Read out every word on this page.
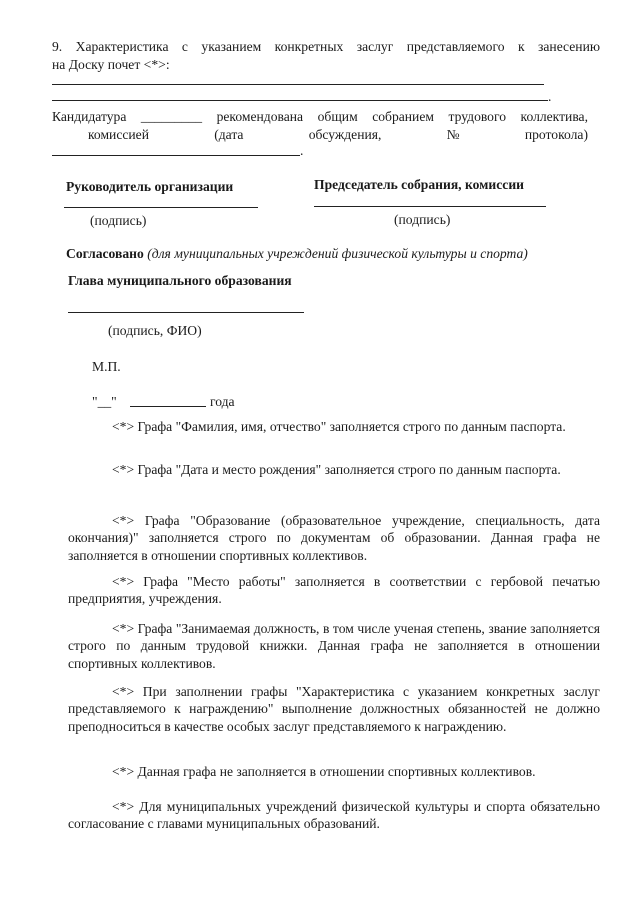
9. Характеристика с указанием конкретных заслуг представляемого к занесению
на Доску почет <*>:
.
Кандидатура _________ рекомендована общим собранием трудового коллектива,
комиссией	(дата	обсуждения,	№	протокола)
.
Руководитель организации	Председатель собрания, комиссии
(подпись)	(подпись)
Согласовано (для муниципальных учреждений физической культуры и спорта)
Глава муниципального образования
(подпись, ФИО)
М.П.
"__"	года
<*> Графа "Фамилия, имя, отчество" заполняется строго по данным паспорта.
<*> Графа "Дата и место рождения" заполняется строго по данным паспорта.
<*> Графа "Образование (образовательное учреждение, специальность, дата окончания)" заполняется строго по документам об образовании. Данная графа не заполняется в отношении спортивных коллективов.
<*> Графа "Место работы" заполняется в соответствии с гербовой печатью предприятия, учреждения.
<*> Графа "Занимаемая должность, в том числе ученая степень, звание заполняется строго по данным трудовой книжки. Данная графа не заполняется в отношении спортивных коллективов.
<*> При заполнении графы "Характеристика с указанием конкретных заслуг представляемого к награждению" выполнение должностных обязанностей не должно преподноситься в качестве особых заслуг представляемого к награждению.
<*> Данная графа не заполняется в отношении спортивных коллективов.
<*> Для муниципальных учреждений физической культуры и спорта обязательно согласование с главами муниципальных образований.
